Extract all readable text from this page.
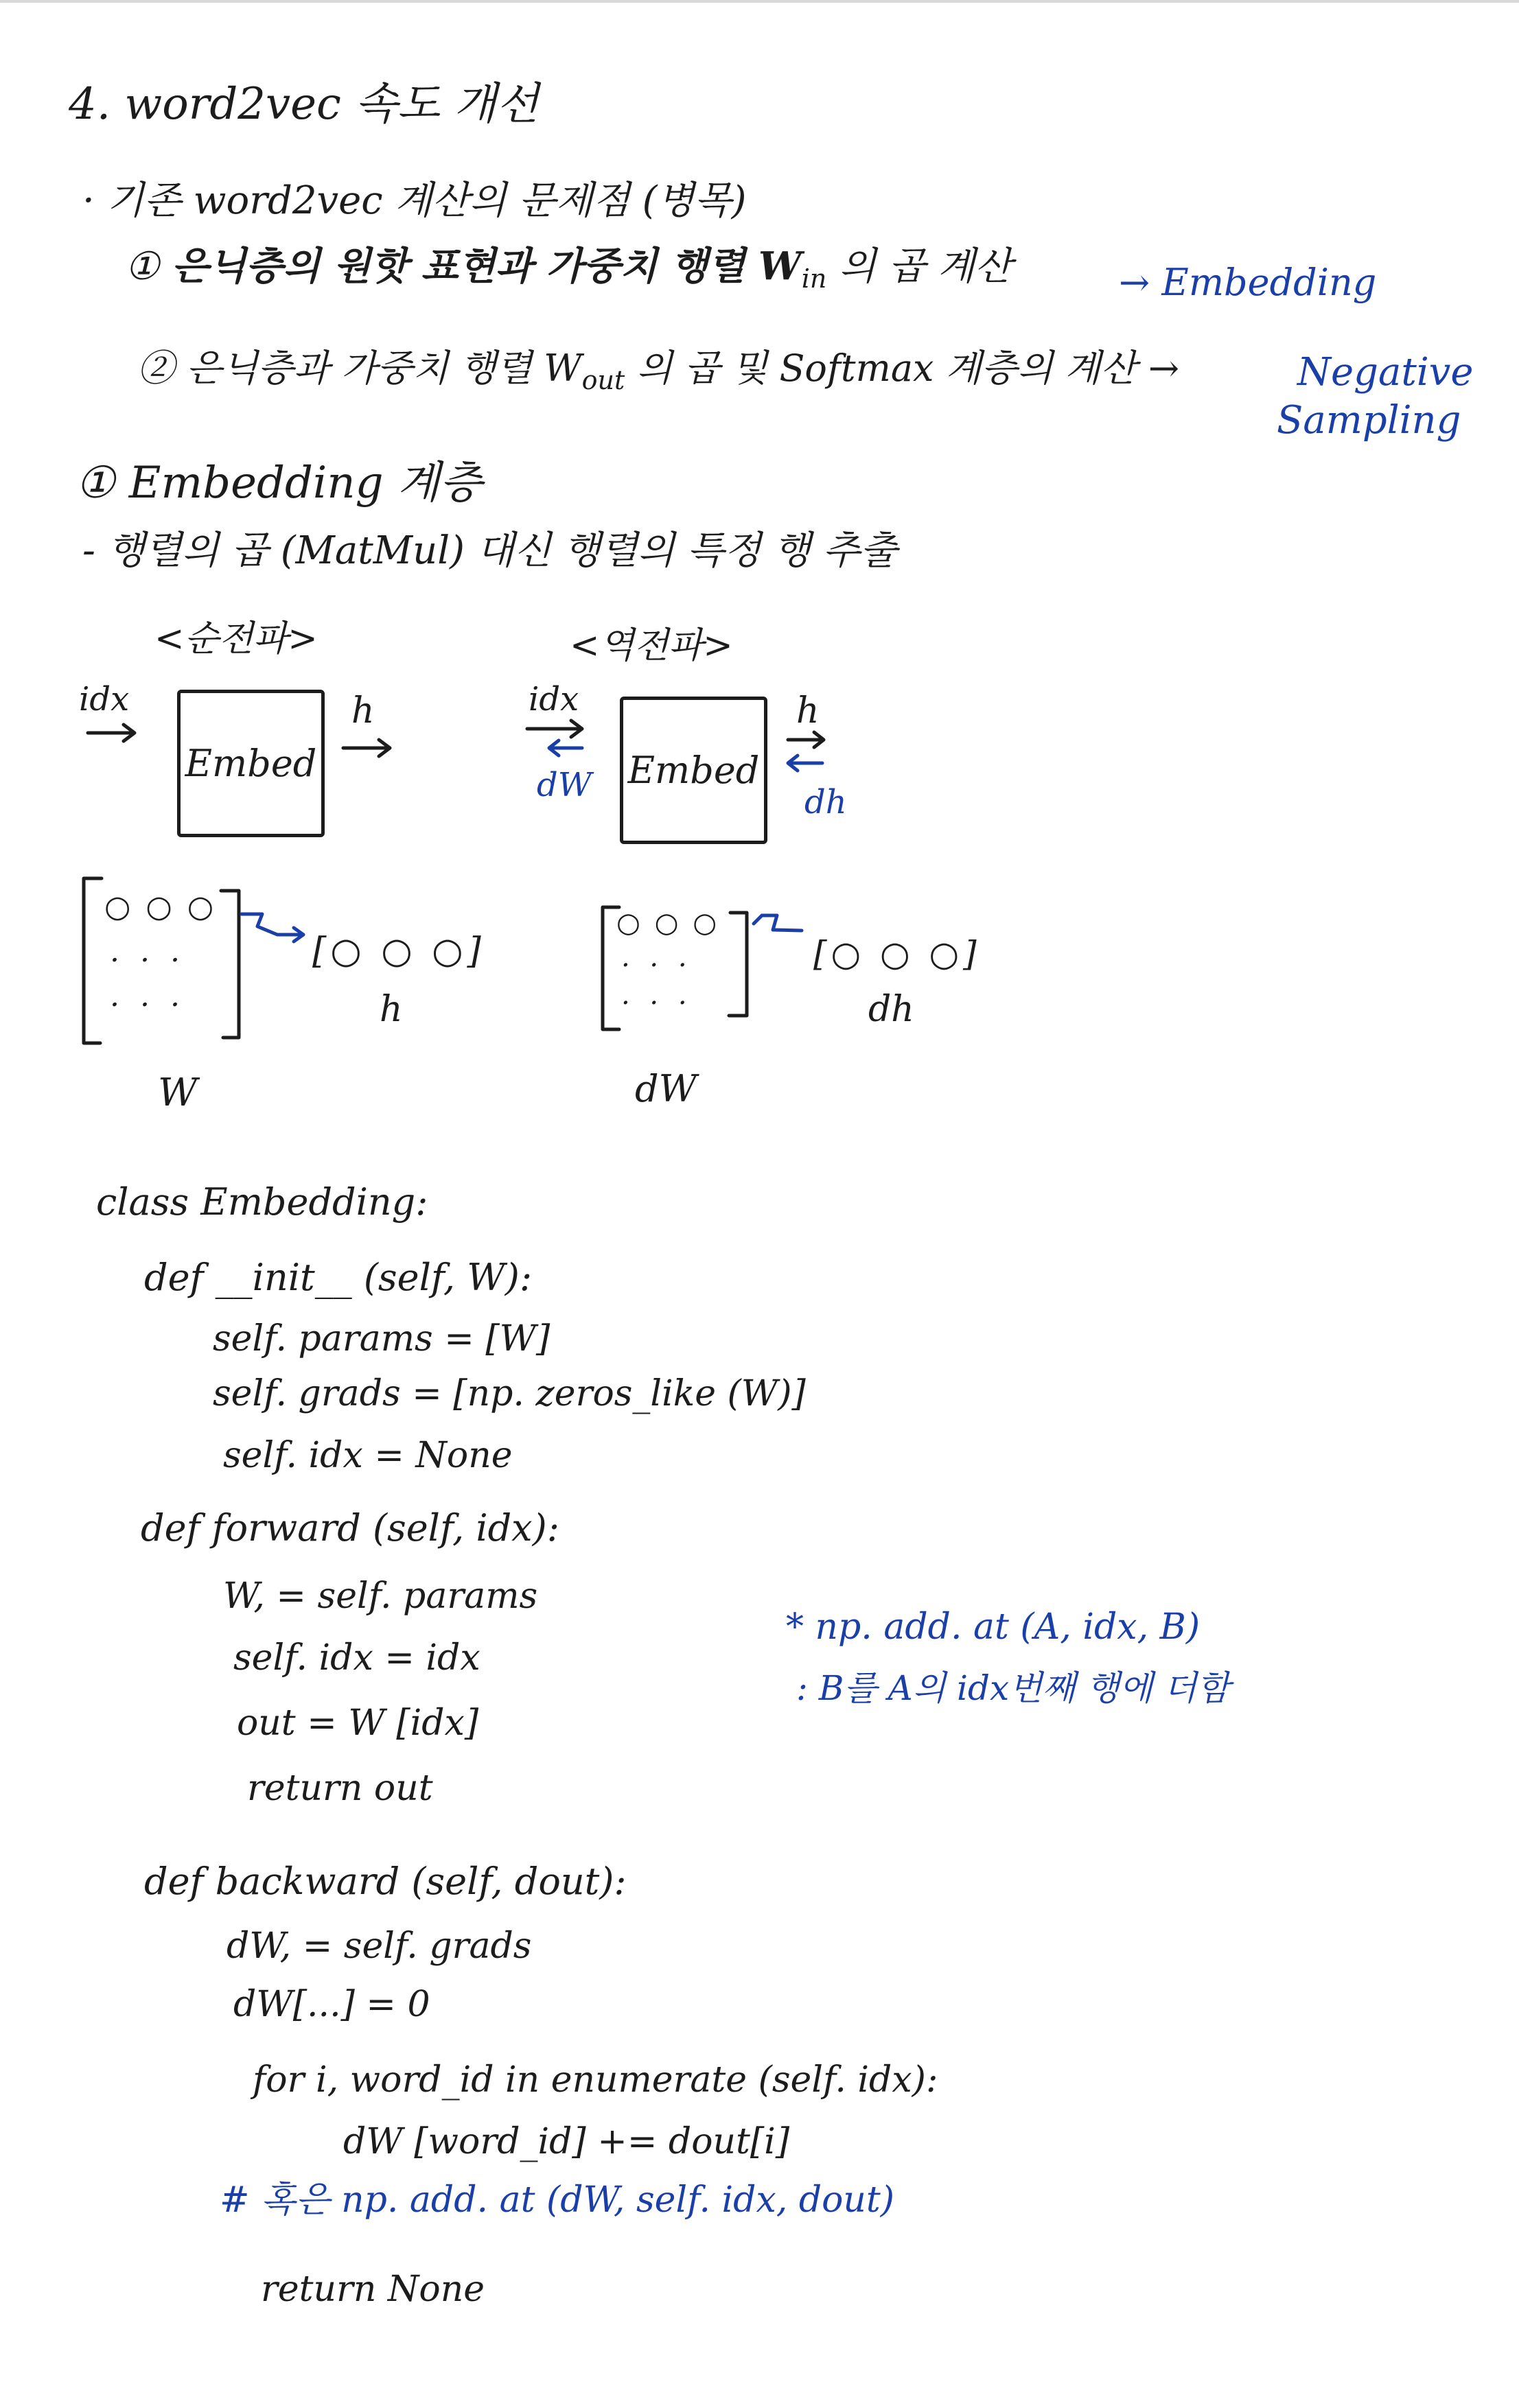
4. word2vec 속도 개선
· 기존 word2vec 계산의 문제점 (병목)
① 은닉층의 원핫 표현과 가중치 행렬 $W_{in}$ 의 곱 계산	→ Embedding
② 은닉층과 가중치 행렬 $W_{out}$ 의 곱 및 Softmax 계층의 계산 →	Negative
Sampling
① Embedding 계층
- 행렬의 곱 (MatMul) 대신 행렬의 특정 행 추출
<순전파>
idx
Embed
h
○ ○ ○
. . .
. . .
[○ ○ ○]
h
W
<역전파>
idx
dW Embed
h
dh
○ ○ ○
. . .
. . .
[○ ○ ○]
dh
dW
class Embedding:
def __init__ (self, W):
self. params = [W]
self. grads = [np. zeros_like (W)]
self. idx = None
def forward (self, idx):
W, = self. params
self. idx = idx
out = W [idx]
return out
def backward (self, dout):
dW, = self. grads
dW[...] = 0
for i, word_id in enumerate (self. idx):
dW [word_id] += dout[i]
# 혹은 np. add. at (dW, self. idx, dout)
return None
* np. add. at (A, idx, B)
: B를 A의 idx번째 행에 더함
